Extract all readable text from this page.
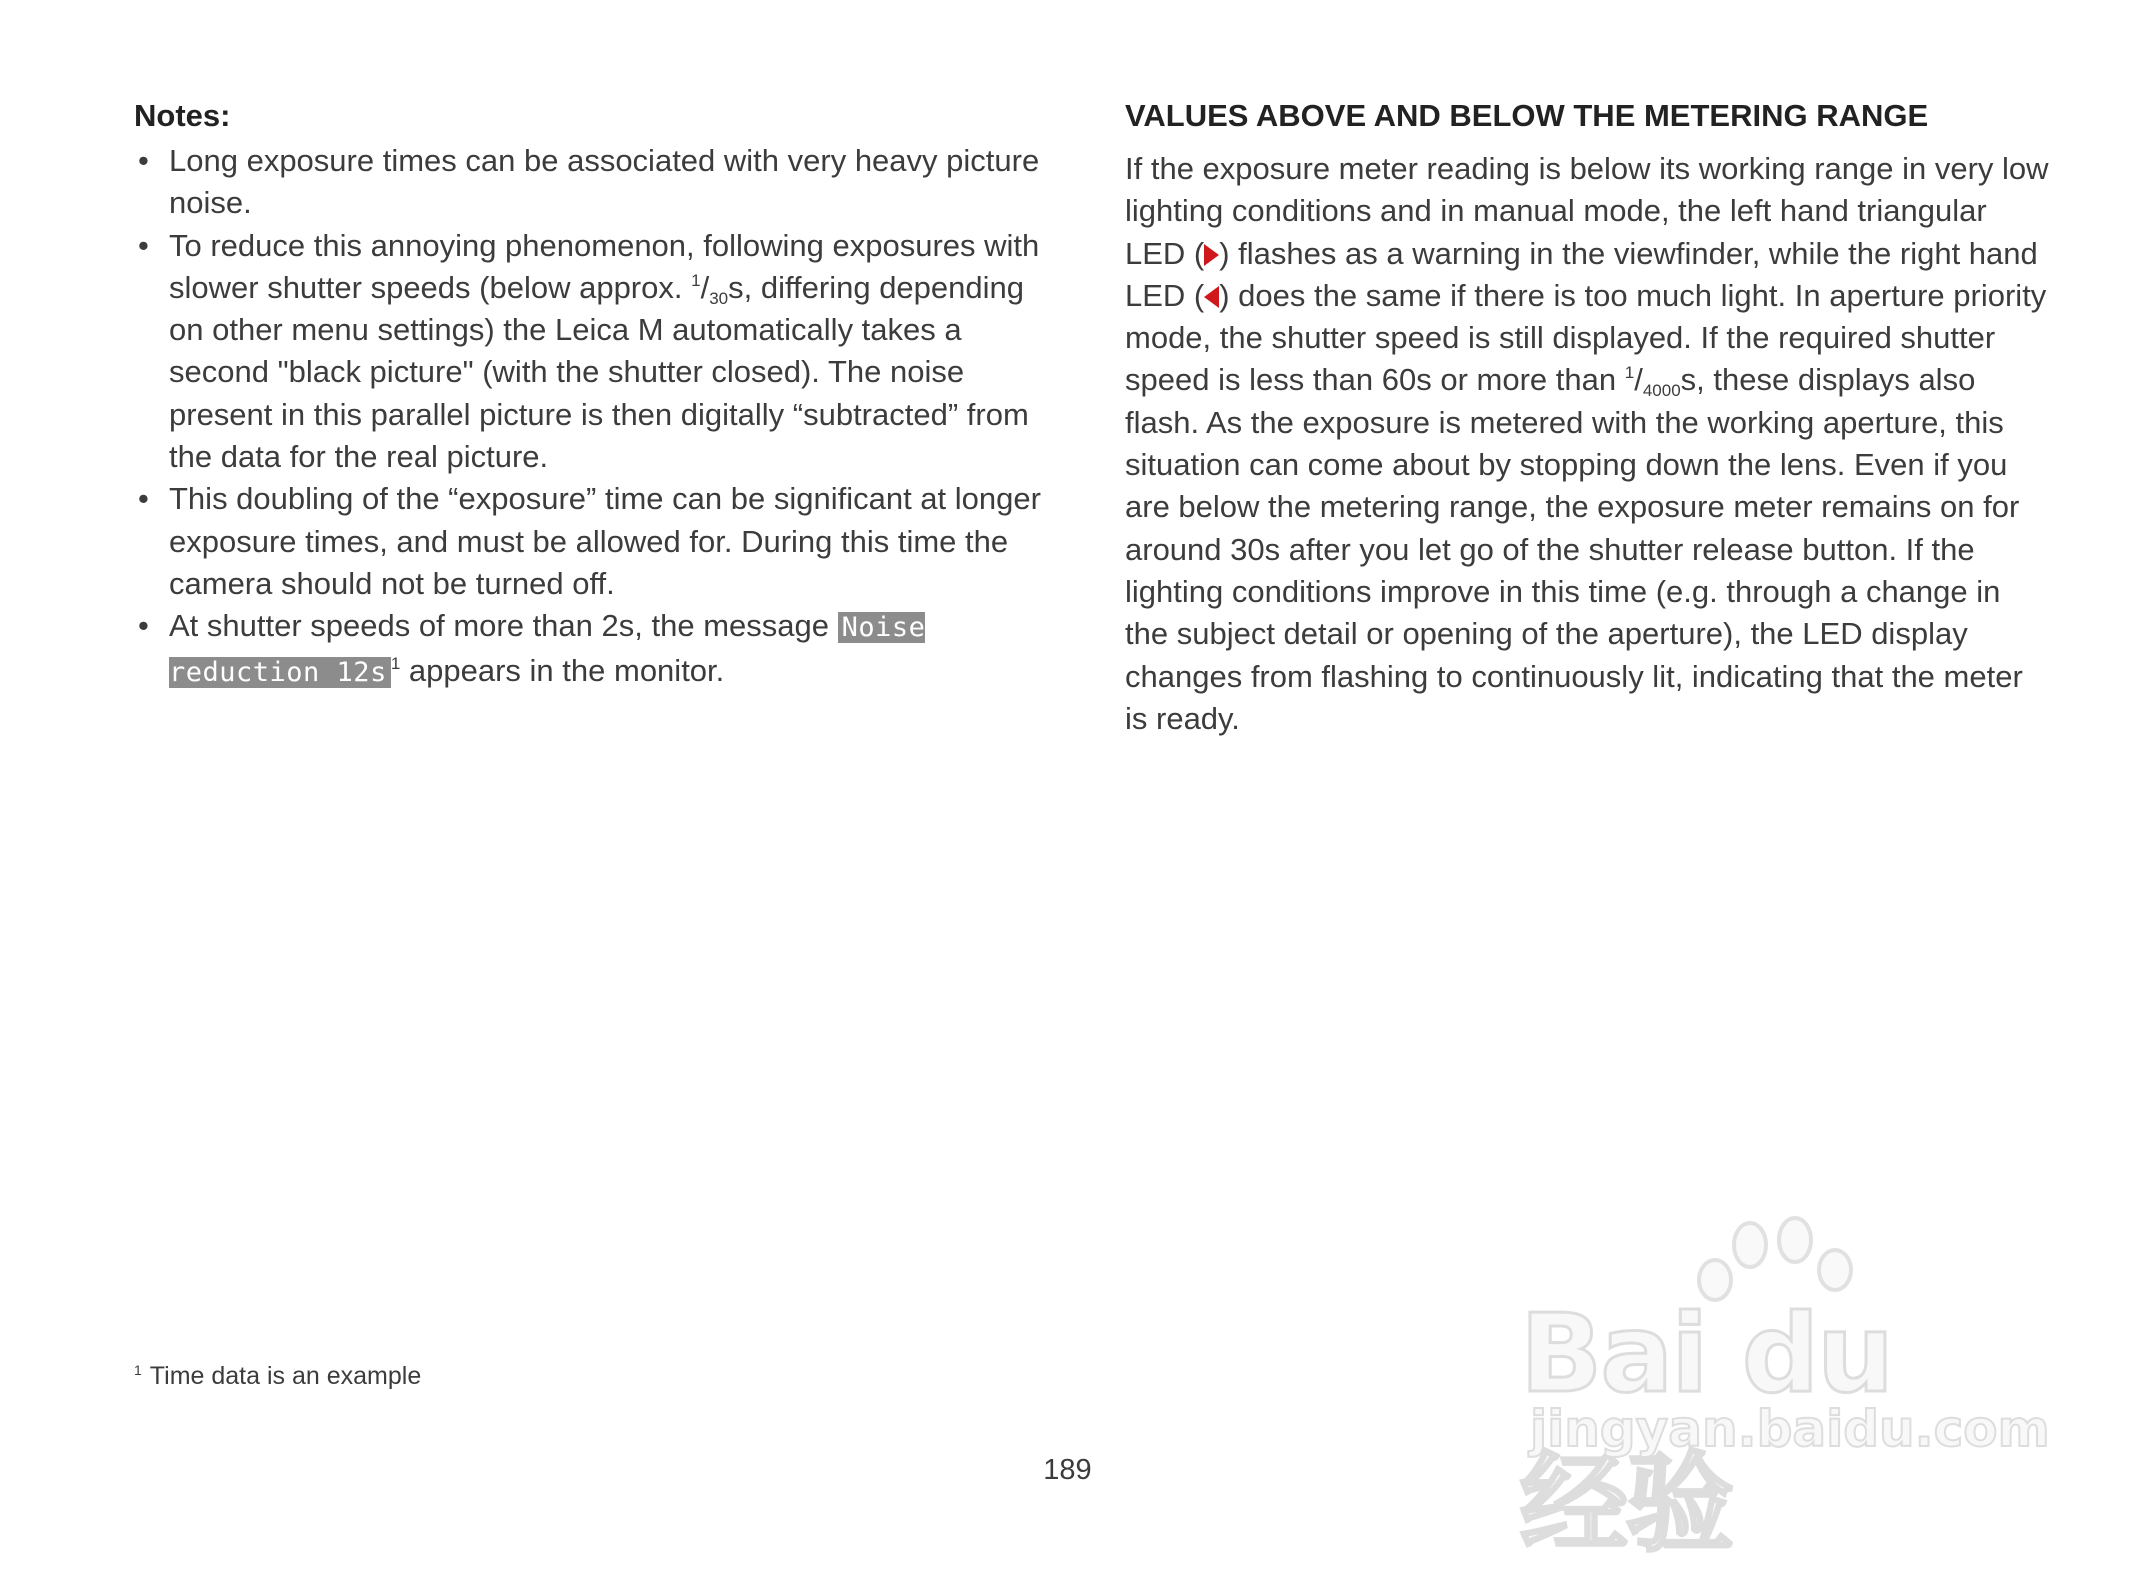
Notes:
• Long exposure times can be associated with very heavy picture noise.
• To reduce this annoying phenomenon, following exposures with slower shutter speeds (below approx. $^1/_{30}s$, differing depending on other menu settings) the Leica M automatically takes a second "black picture" (with the shutter closed). The noise present in this parallel picture is then digitally “subtracted” from the data for the real picture.
• This doubling of the “exposure” time can be significant at longer exposure times, and must be allowed for. During this time the camera should not be turned off.
• At shutter speeds of more than 2s, the message Noise reduction 12s $^1$ appears in the monitor.
VALUES ABOVE AND BELOW THE METERING RANGE

If the exposure meter reading is below its working range in very low lighting conditions and in manual mode, the left hand triangular LED ( ) flashes as a warning in the viewfinder, while the right hand LED ( ) does the same if there is too much light. In aperture priority mode, the shutter speed is still displayed. If the required shutter speed is less than 60s or more than $^1/_{4000}s$, these displays also flash. As the exposure is metered with the working aperture, this situation can come about by stopping down the lens. Even if you are below the metering range, the exposure meter remains on for around 30s after you let go of the shutter release button. If the lighting conditions improve in this time (e.g. through a change in the subject detail or opening of the aperture), the LED display changes from flashing to continuously lit, indicating that the meter is ready.

$^1$ Time data is an example
189
Bai du 经验
jingyan.baidu.com
